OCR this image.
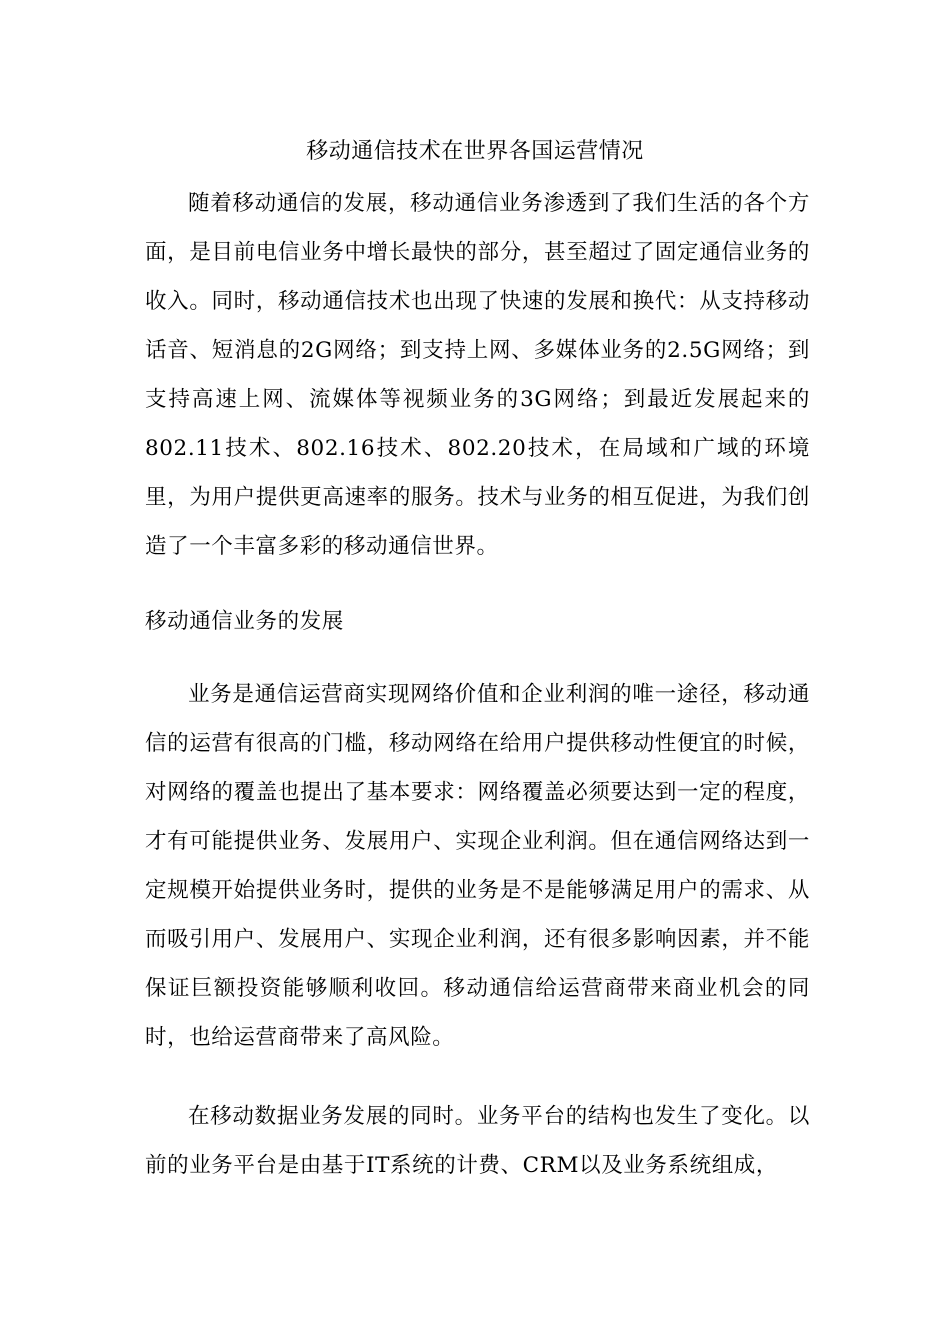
移动通信技术在世界各国运营情况

随着移动通信的发展，移动通信业务渗透到了我们生活的各个方面，是目前电信业务中增长最快的部分，甚至超过了固定通信业务的收入。同时，移动通信技术也出现了快速的发展和换代：从支持移动话音、短消息的2G网络；到支持上网、多媒体业务的2.5G网络；到支持高速上网、流媒体等视频业务的3G网络；到最近发展起来的802.11技术、802.16技术、802.20技术，在局域和广域的环境里，为用户提供更高速率的服务。技术与业务的相互促进，为我们创造了一个丰富多彩的移动通信世界。

移动通信业务的发展

业务是通信运营商实现网络价值和企业利润的唯一途径，移动通信的运营有很高的门槛，移动网络在给用户提供移动性便宜的时候，对网络的覆盖也提出了基本要求：网络覆盖必须要达到一定的程度，才有可能提供业务、发展用户、实现企业利润。但在通信网络达到一定规模开始提供业务时，提供的业务是不是能够满足用户的需求、从而吸引用户、发展用户、实现企业利润，还有很多影响因素，并不能保证巨额投资能够顺利收回。移动通信给运营商带来商业机会的同时，也给运营商带来了高风险。

在移动数据业务发展的同时。业务平台的结构也发生了变化。以前的业务平台是由基于IT系统的计费、CRM以及业务系统组成，
